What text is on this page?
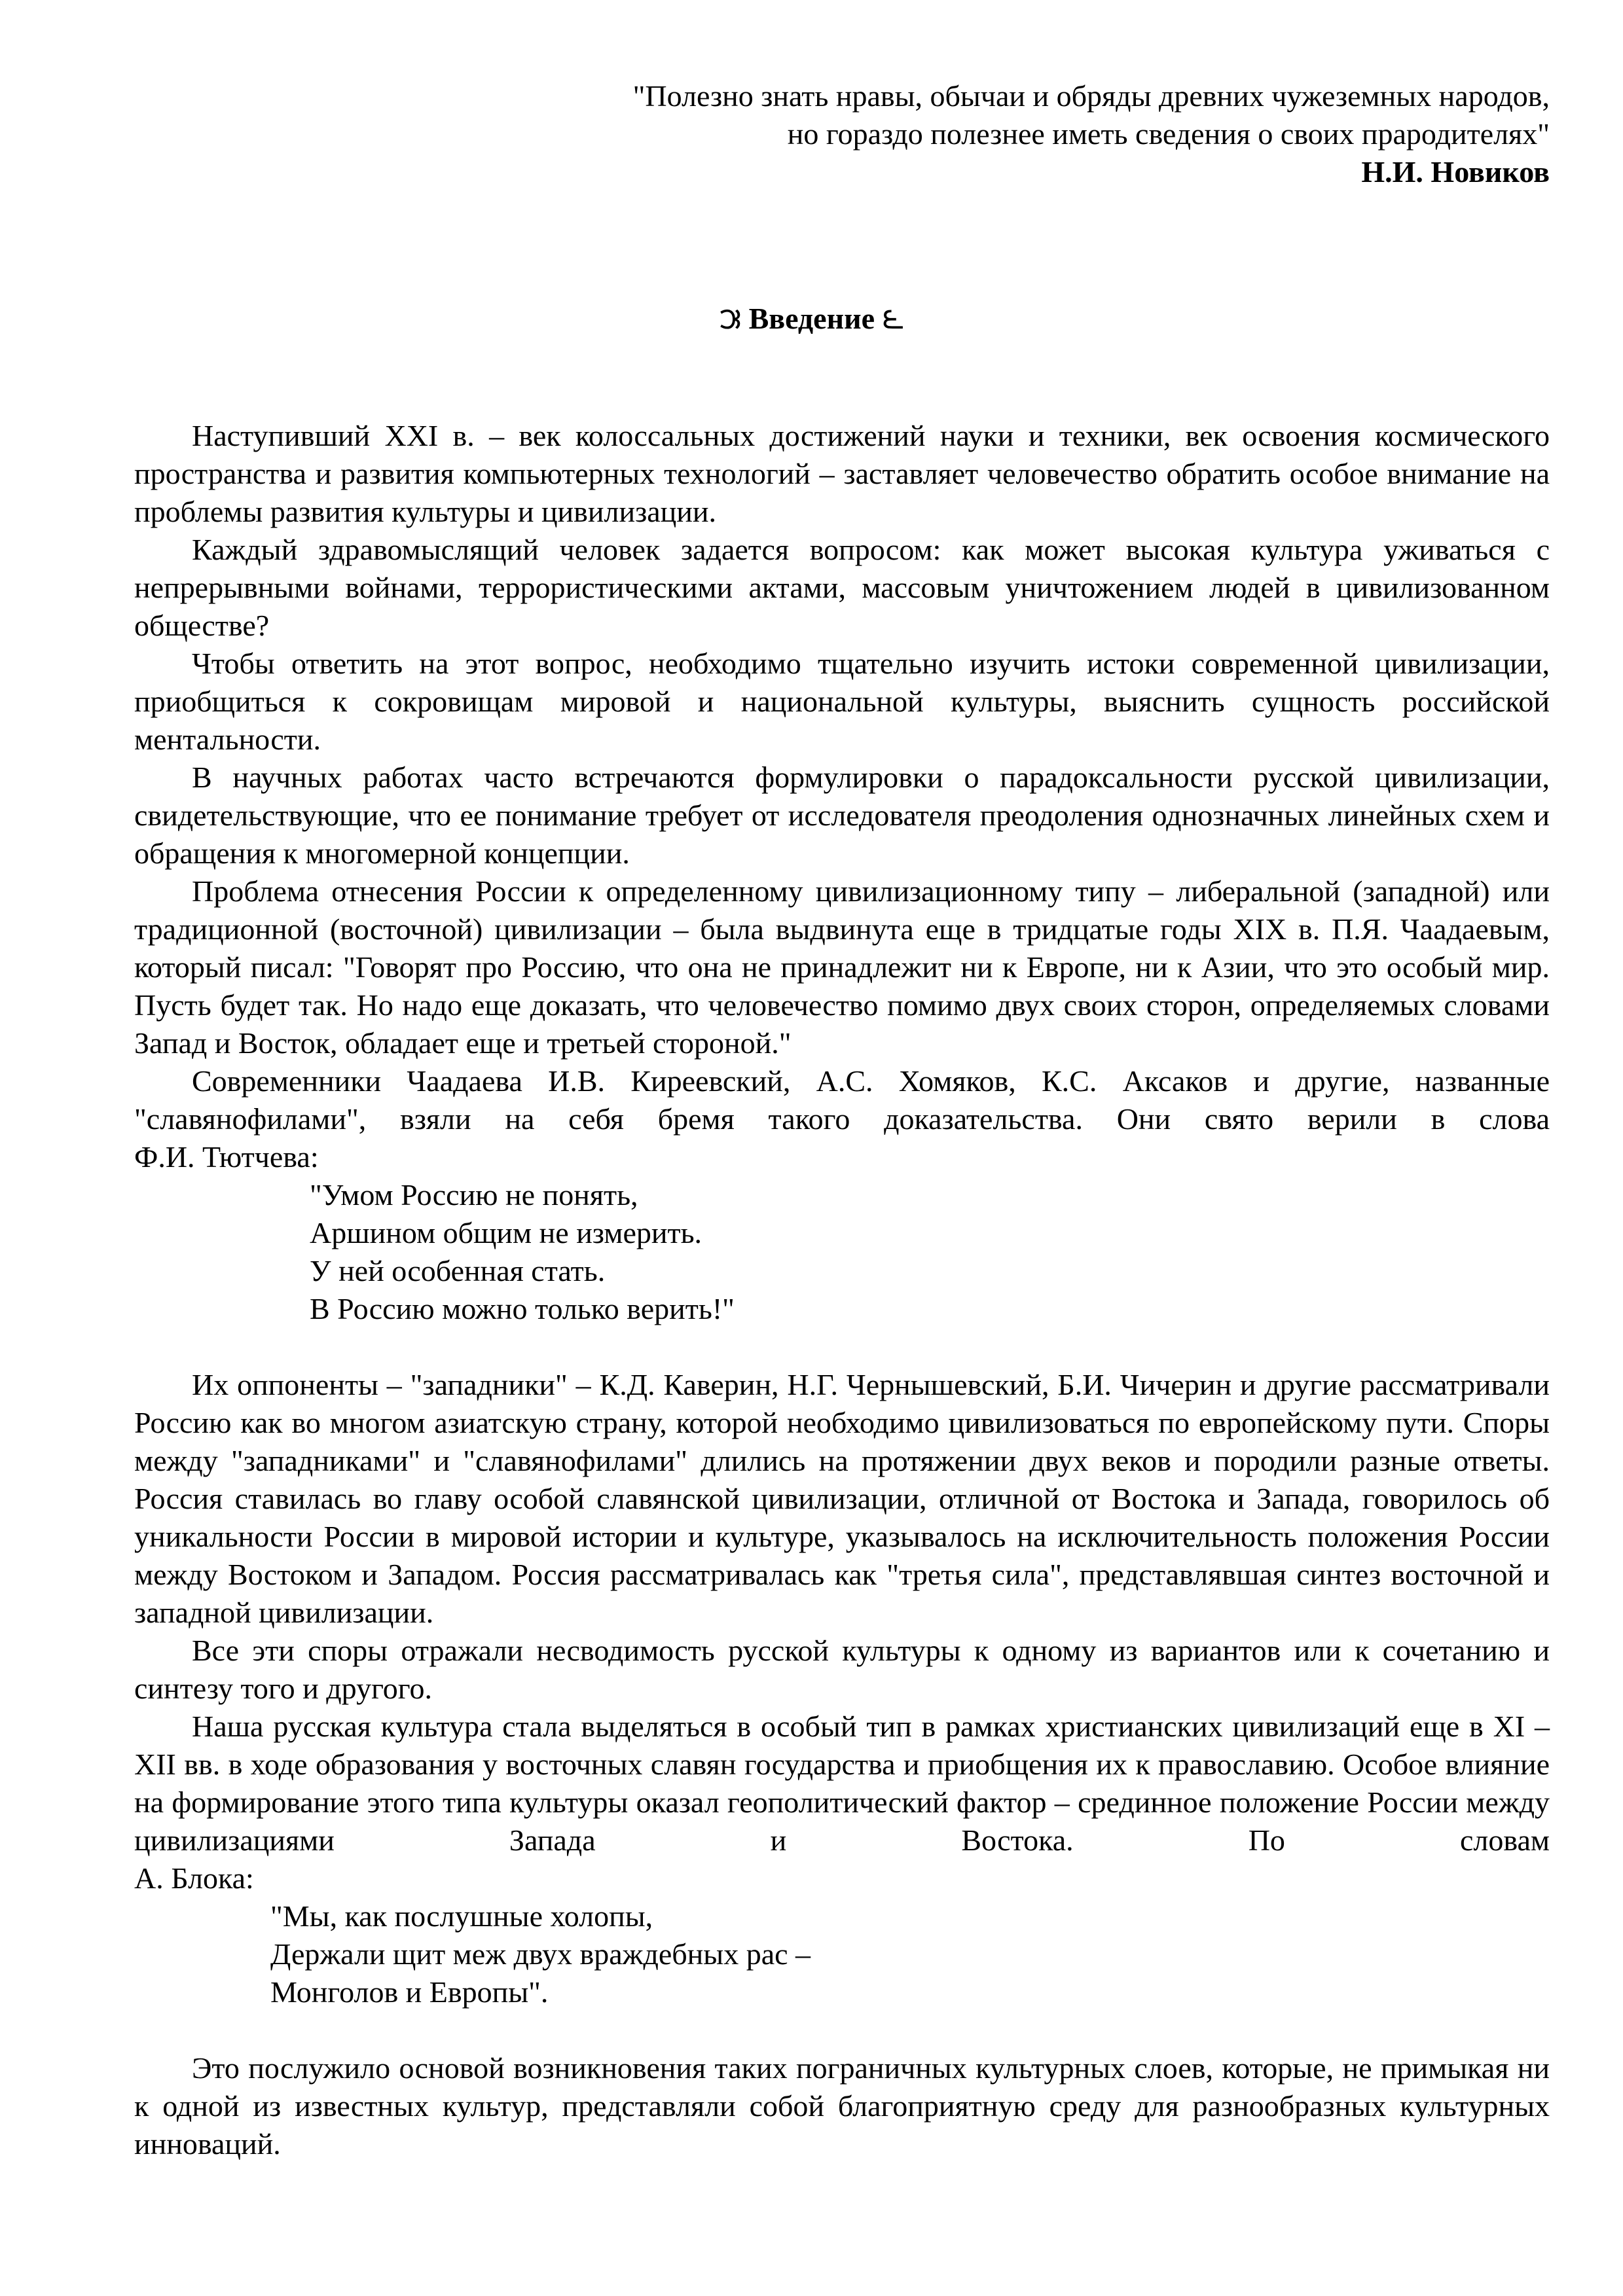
"Полезно знать нравы, обычаи и обряды древних чужеземных народов,

но гораздо полезнее иметь сведения о своих прародителях"

Н.И. Новиков

౫ Введение ౬

Наступивший XXI в. – век колоссальных достижений науки и техники, век освоения космического пространства и развития компьютерных технологий – заставляет человечество обратить особое внимание на проблемы развития культуры и цивилизации.

Каждый здравомыслящий человек задается вопросом: как может высокая культура уживаться с непрерывными войнами, террористическими актами, массовым уничтожением людей в цивилизованном обществе?

Чтобы ответить на этот вопрос, необходимо тщательно изучить истоки современной цивилизации, приобщиться к сокровищам мировой и национальной культуры, выяснить сущность российской ментальности.

В научных работах часто встречаются формулировки о парадоксальности русской цивилизации, свидетельствующие, что ее понимание требует от исследователя преодоления однозначных линейных схем и обращения к многомерной концепции.

Проблема отнесения России к определенному цивилизационному типу – либеральной (западной) или традиционной (восточной) цивилизации – была выдвинута еще в тридцатые годы XIX в. П.Я. Чаадаевым, который писал: "Говорят про Россию, что она не принадлежит ни к Европе, ни к Азии, что это особый мир. Пусть будет так. Но надо еще доказать, что человечество помимо двух своих сторон, определяемых словами Запад и Восток, обладает еще и третьей стороной."

Современники Чаадаева И.В. Киреевский, А.С. Хомяков, К.С. Аксаков и другие, названные "славянофилами", взяли на себя бремя такого доказательства. Они свято верили в слова

Ф.И. Тютчева:

"Умом Россию не понять,
Аршином общим не измерить.
У ней особенная стать.
В Россию можно только верить!"

Их оппоненты – "западники" – К.Д. Каверин, Н.Г. Чернышевский, Б.И. Чичерин и другие рассматривали Россию как во многом азиатскую страну, которой необходимо цивилизоваться по европейскому пути. Споры между "западниками" и "славянофилами" длились на протяжении двух веков и породили разные ответы. Россия ставилась во главу особой славянской цивилизации, отличной от Востока и Запада, говорилось об уникальности России в мировой истории и культуре, указывалось на исключительность положения России между Востоком и Западом. Россия рассматривалась как "третья сила", представлявшая синтез восточной и западной цивилизации.

Все эти споры отражали несводимость русской культуры к одному из вариантов или к сочетанию и синтезу того и другого.

Наша русская культура стала выделяться в особый тип в рамках христианских цивилизаций еще в XI – XII вв. в ходе образования у восточных славян государства и приобщения их к православию. Особое влияние на формирование этого типа культуры оказал геополитический фактор – срединное положение России между цивилизациями Запада и Востока. По словам

А. Блока:

"Мы, как послушные холопы,
Держали щит меж двух враждебных рас –
Монголов и Европы".

Это послужило основой возникновения таких пограничных культурных слоев, которые, не примыкая ни к одной из известных культур, представляли собой благоприятную среду для разнообразных культурных инноваций.
